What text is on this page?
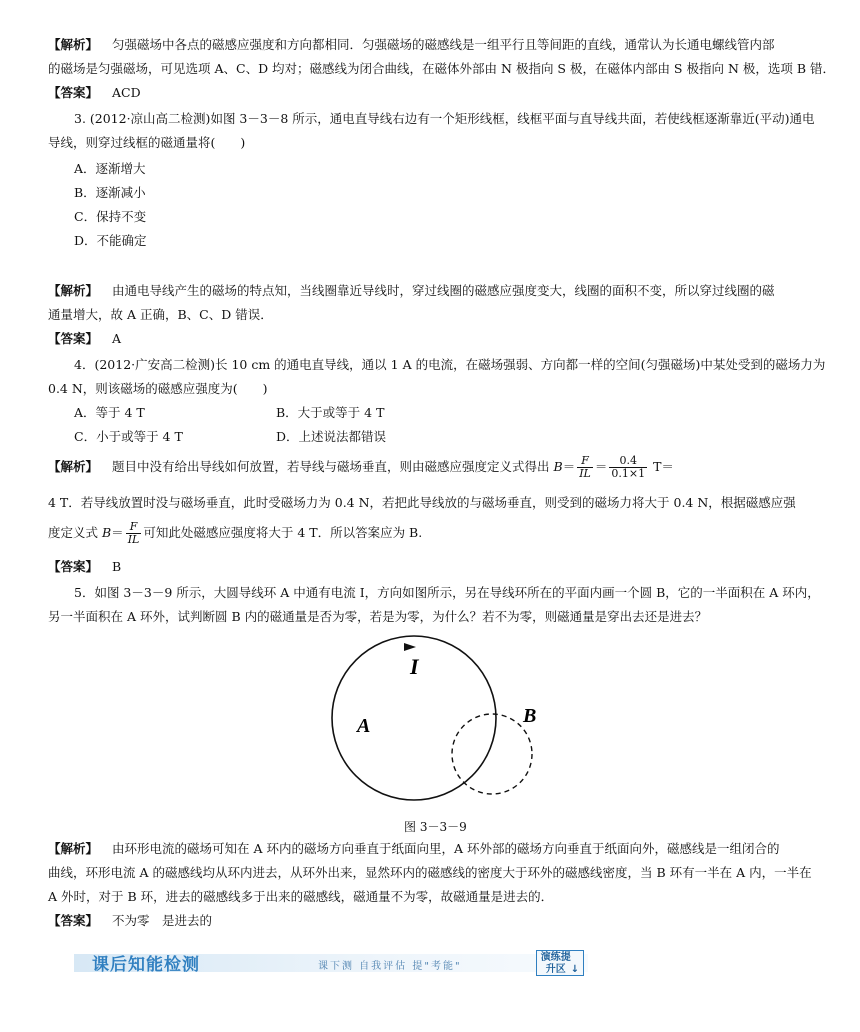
【解析】 匀强磁场中各点的磁感应强度和方向都相同．匀强磁场的磁感线是一组平行且等间距的直线，通常认为长通电螺线管内部
的磁场是匀强磁场，可见选项 A、C、D 均对；磁感线为闭合曲线，在磁体外部由 N 极指向 S 极，在磁体内部由 S 极指向 N 极，选项 B 错．
【答案】 ACD
3. (2012·凉山高二检测)如图 3－3－8 所示，通电直导线右边有一个矩形线框，线框平面与直导线共面，若使线框逐渐靠近(平动)通电
导线，则穿过线框的磁通量将(　　)
A．逐渐增大
B．逐渐减小
C．保持不变
D．不能确定
【解析】 由通电导线产生的磁场的特点知，当线圈靠近导线时，穿过线圈的磁感应强度变大，线圈的面积不变，所以穿过线圈的磁
通量增大，故 A 正确，B、C、D 错误．
【答案】 A
4．(2012·广安高二检测)长 10 cm 的通电直导线，通以 1 A 的电流，在磁场强弱、方向都一样的空间(匀强磁场)中某处受到的磁场力为
0.4 N，则该磁场的磁感应强度为(　　)
A．等于 4 T	B．大于或等于 4 T
C．小于或等于 4 T	D．上述说法都错误
【解析】 题目中没有给出导线如何放置，若导线与磁场垂直，则由磁感应强度定义式得出 $B= \frac{F}{IL} = \frac{0.4}{0.1\times 1} T=$
4 T．若导线放置时没与磁场垂直，此时受磁场力为 0.4 N，若把此导线放的与磁场垂直，则受到的磁场力将大于 0.4 N，根据磁感应强
度定义式 $B= \frac{F}{IL}$ 可知此处磁感应强度将大于 4 T．所以答案应为 B.
【答案】 B
5．如图 3－3－9 所示，大圆导线环 A 中通有电流 I，方向如图所示，另在导线环所在的平面内画一个圆 B，它的一半面积在 A 环内，
另一半面积在 A 环外，试判断圆 B 内的磁通量是否为零，若是为零，为什么？若不为零，则磁通量是穿出去还是进去？
I
A	B
图 3－3－9
【解析】 由环形电流的磁场可知在 A 环内的磁场方向垂直于纸面向里，A 环外部的磁场方向垂直于纸面向外，磁感线是一组闭合的
曲线，环形电流 A 的磁感线均从环内进去，从环外出来，显然环内的磁感线的密度大于环外的磁感线密度，当 B 环有一半在 A 内，一半在
A 外时，对于 B 环，进去的磁感线多于出来的磁感线，磁通量不为零，故磁通量是进去的．
【答案】 不为零　是进去的
课后知能检测	课下测 自我评估 提"考能"
演练提升区 ↓
